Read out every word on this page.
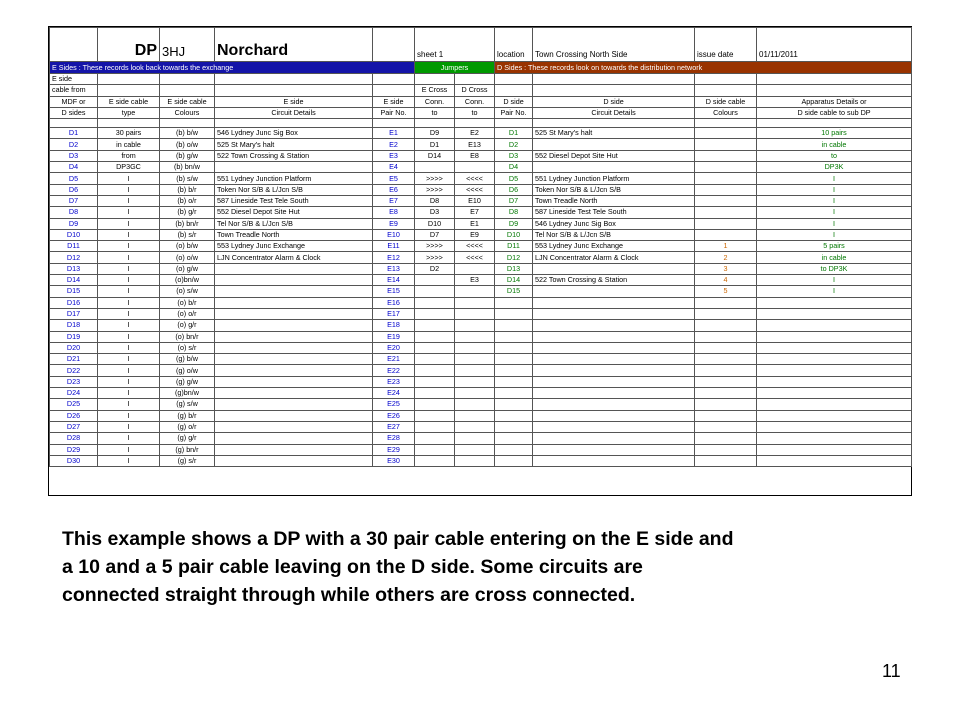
	DP	3HJ	Norchard		sheet 1		location	Town Crossing North Side	issue date	01/11/2011
E Sides : These records look back towards the exchange					Jumpers		D Sides : These records look on towards the distribution network			
E side										
cable from					E Cross	D Cross				
MDF or	E side cable	E side cable	E side	E side	Conn.	Conn.	D side	D side	D side cable	Apparatus Details or
D sides	type	Colours	Circuit Details	Pair No.	to	to	Pair No.	Circuit Details	Colours	D side cable to sub DP

D1	30 pairs	(b) b/w	546 Lydney Junc Sig Box	E1	D9	E2	D1	525 St Mary's halt		10 pairs
D2	in cable	(b) o/w	525 St Mary's halt	E2	D1	E13	D2			in cable
D3	from	(b) g/w	522 Town Crossing & Station	E3	D14	E8	D3	552 Diesel Depot Site Hut		to
D4	DP3GC	(b) bn/w		E4			D4			DP3K
D5	I	(b) s/w	551 Lydney Junction Platform	E5	>>>>	<<<<	D5	551 Lydney Junction Platform		I
D6	I	(b) b/r	Token Nor S/B & L/Jcn S/B	E6	>>>>	<<<<	D6	Token Nor S/B & L/Jcn S/B		I
D7	I	(b) o/r	587 Lineside Test Tele South	E7	D8	E10	D7	Town Treadle North		I
D8	I	(b) g/r	552 Diesel Depot Site Hut	E8	D3	E7	D8	587 Lineside Test Tele South		I
D9	I	(b) bn/r	Tel Nor S/B & L/Jcn S/B	E9	D10	E1	D9	546 Lydney Junc Sig Box		I
D10	I	(b) s/r	Town Treadle North	E10	D7	E9	D10	Tel Nor S/B & L/Jcn S/B		I
D11	I	(o) b/w	553 Lydney Junc Exchange	E11	>>>>	<<<<	D11	553 Lydney Junc Exchange	1	5 pairs
D12	I	(o) o/w	LJN Concentrator Alarm & Clock	E12	>>>>	<<<<	D12	LJN Concentrator Alarm & Clock	2	in cable
D13	I	(o) g/w		E13	D2		D13		3	to DP3K
D14	I	(o)bn/w		E14		E3	D14	522 Town Crossing & Station	4	I
D15	I	(o) s/w		E15			D15		5	I
D16	I	(o) b/r		E16						
D17	I	(o) o/r		E17						
D18	I	(o) g/r		E18						
D19	I	(o) bn/r		E19						
D20	I	(o) s/r		E20						
D21	I	(g) b/w		E21						
D22	I	(g) o/w		E22						
D23	I	(g) g/w		E23						
D24	I	(g)bn/w		E24						
D25	I	(g) s/w		E25						
D26	I	(g) b/r		E26						
D27	I	(g) o/r		E27						
D28	I	(g) g/r		E28						
D29	I	(g) bn/r		E29						
D30	I	(g) s/r		E30						

This example shows a DP with a 30 pair cable entering on the E side and

a 10 and a 5 pair cable leaving on the D side. Some circuits are

connected straight through while others are cross connected.

11
